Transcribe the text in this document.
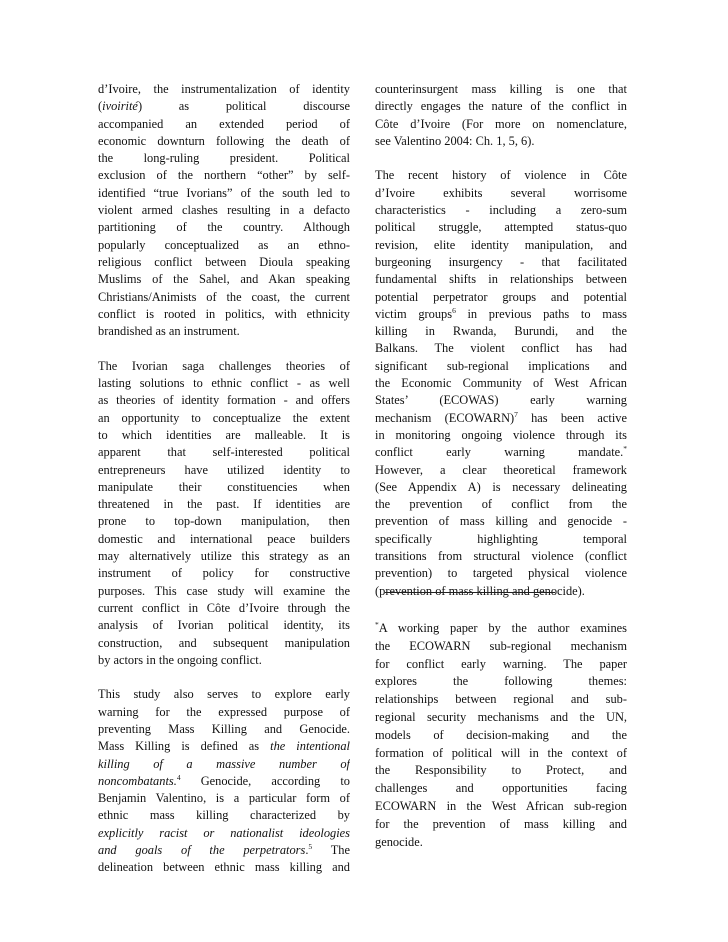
d’Ivoire, the instrumentalization of identity
(ivoirité) as political discourse
accompanied an extended period of
economic downturn following the death of
the long-ruling president. Political
exclusion of the northern “other” by self-
identified “true Ivorians” of the south led to
violent armed clashes resulting in a defacto
partitioning of the country. Although
popularly conceptualized as an ethno-
religious conflict between Dioula speaking
Muslims of the Sahel, and Akan speaking
Christians/Animists of the coast, the current
conflict is rooted in politics, with ethnicity
brandished as an instrument.
The Ivorian saga challenges theories of
lasting solutions to ethnic conflict - as well
as theories of identity formation - and offers
an opportunity to conceptualize the extent
to which identities are malleable. It is
apparent that self-interested political
entrepreneurs have utilized identity to
manipulate their constituencies when
threatened in the past. If identities are
prone to top-down manipulation, then
domestic and international peace builders
may alternatively utilize this strategy as an
instrument of policy for constructive
purposes. This case study will examine the
current conflict in Côte d’Ivoire through the
analysis of Ivorian political identity, its
construction, and subsequent manipulation
by actors in the ongoing conflict.
This study also serves to explore early
warning for the expressed purpose of
preventing Mass Killing and Genocide.
Mass Killing is defined as the intentional
killing of a massive number of
noncombatants.$^4$ Genocide, according to
Benjamin Valentino, is a particular form of
ethnic mass killing characterized by
explicitly racist or nationalist ideologies
and goals of the perpetrators.$^5$ The
delineation between ethnic mass killing and
counterinsurgent mass killing is one that
directly engages the nature of the conflict in
Côte d’Ivoire (For more on nomenclature,
see Valentino 2004: Ch. 1, 5, 6).
The recent history of violence in Côte
d’Ivoire exhibits several worrisome
characteristics - including a zero-sum
political struggle, attempted status-quo
revision, elite identity manipulation, and
burgeoning insurgency - that facilitated
fundamental shifts in relationships between
potential perpetrator groups and potential
victim groups$^6$ in previous paths to mass
killing in Rwanda, Burundi, and the
Balkans. The violent conflict has had
significant sub-regional implications and
the Economic Community of West African
States’ (ECOWAS) early warning
mechanism (ECOWARN)$^7$ has been active
in monitoring ongoing violence through its
conflict early warning mandate.*
However, a clear theoretical framework
(See Appendix A) is necessary delineating
the prevention of conflict from the
prevention of mass killing and genocide -
specifically highlighting temporal
transitions from structural violence (conflict
prevention) to targeted physical violence
(prevention of mass killing and genocide).
*A working paper by the author examines
the ECOWARN sub-regional mechanism
for conflict early warning. The paper
explores the following themes:
relationships between regional and sub-
regional security mechanisms and the UN,
models of decision-making and the
formation of political will in the context of
the Responsibility to Protect, and
challenges and opportunities facing
ECOWARN in the West African sub-region
for the prevention of mass killing and
genocide.
